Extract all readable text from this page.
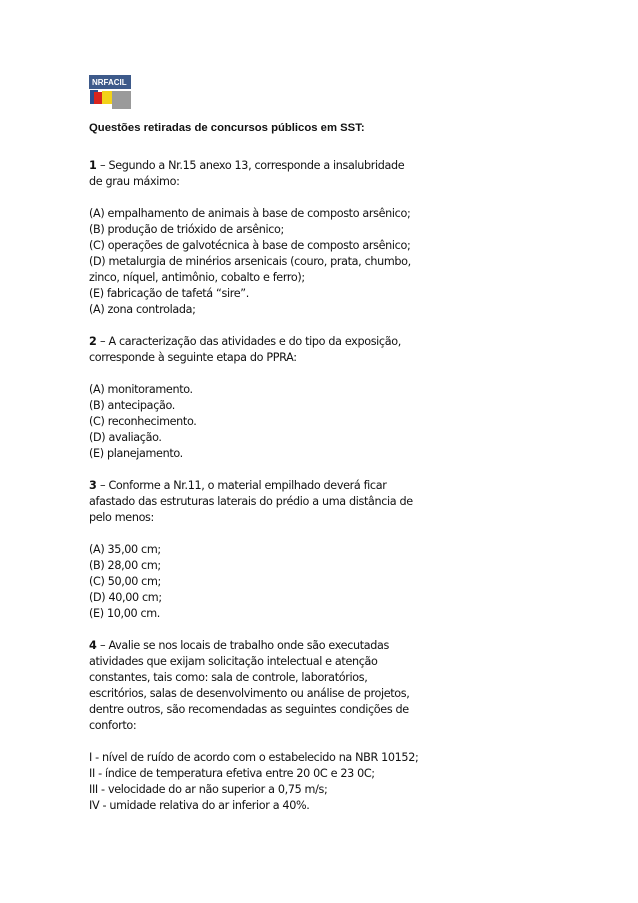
NRFACIL
Questões retiradas de concursos públicos em SST:

1 – Segundo a Nr.15 anexo 13, corresponde a insalubridade de grau máximo:

(A) empalhamento de animais à base de composto arsênico;
(B) produção de trióxido de arsênico;
(C) operações de galvotécnica à base de composto arsênico;
(D) metalurgia de minérios arsenicais (couro, prata, chumbo, zinco, níquel, antimônio, cobalto e ferro);
(E) fabricação de tafetá “sire”.
(A) zona controlada;

2 – A caracterização das atividades e do tipo da exposição, corresponde à seguinte etapa do PPRA:

(A) monitoramento.
(B) antecipação.
(C) reconhecimento.
(D) avaliação.
(E) planejamento.

3 – Conforme a Nr.11, o material empilhado deverá ficar afastado das estruturas laterais do prédio a uma distância de pelo menos:

(A) 35,00 cm;
(B) 28,00 cm;
(C) 50,00 cm;
(D) 40,00 cm;
(E) 10,00 cm.

4 – Avalie se nos locais de trabalho onde são executadas atividades que exijam solicitação intelectual e atenção constantes, tais como: sala de controle, laboratórios, escritórios, salas de desenvolvimento ou análise de projetos, dentre outros, são recomendadas as seguintes condições de conforto:

I - nível de ruído de acordo com o estabelecido na NBR 10152;
II - índice de temperatura efetiva entre 20 0C e 23 0C;
III - velocidade do ar não superior a 0,75 m/s;
IV - umidade relativa do ar inferior a 40%.
